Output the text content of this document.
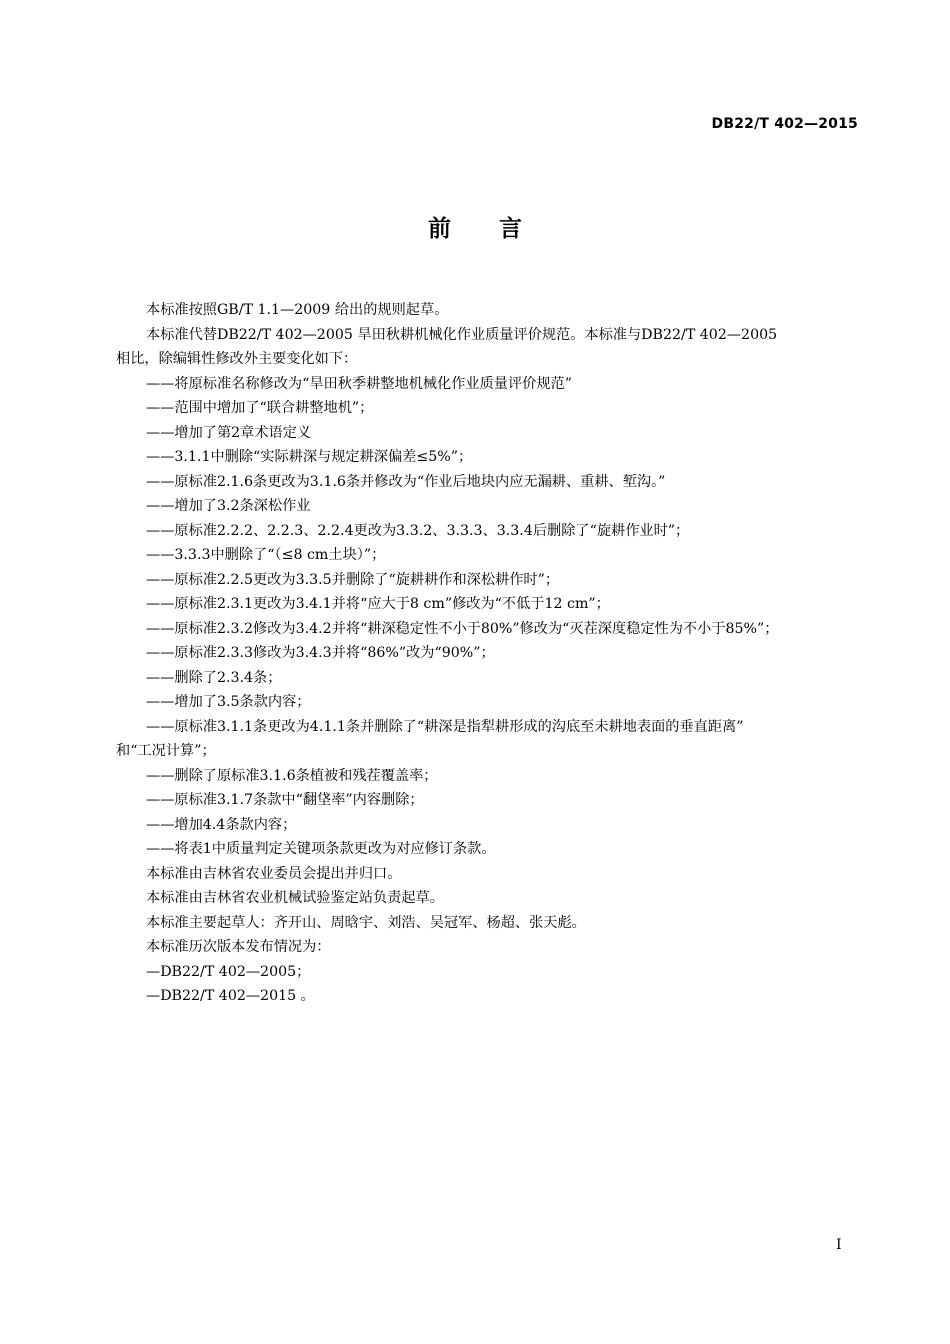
DB22/T 402—2015
前 言
本标准按照GB/T 1.1—2009 给出的规则起草。
本标准代替DB22/T 402—2005 旱田秋耕机械化作业质量评价规范。本标准与DB22/T 402—2005
相比，除编辑性修改外主要变化如下：
——将原标准名称修改为“旱田秋季耕整地机械化作业质量评价规范”
——范围中增加了“联合耕整地机”；
——增加了第2章术语定义
——3.1.1中删除“实际耕深与规定耕深偏差≤5%”；
——原标准2.1.6条更改为3.1.6条并修改为“作业后地块内应无漏耕、重耕、堑沟。”
——增加了3.2条深松作业
——原标准2.2.2、2.2.3、2.2.4更改为3.3.2、3.3.3、3.3.4后删除了“旋耕作业时”；
——3.3.3中删除了“（≤8 cm土块）”；
——原标准2.2.5更改为3.3.5并删除了“旋耕耕作和深松耕作时”；
——原标准2.3.1更改为3.4.1并将“应大于8 cm”修改为“不低于12 cm”；
——原标准2.3.2修改为3.4.2并将“耕深稳定性不小于80%”修改为“灭茬深度稳定性为不小于85%”；
——原标准2.3.3修改为3.4.3并将“86%”改为“90%”；
——删除了2.3.4条；
——增加了3.5条款内容；
——原标准3.1.1条更改为4.1.1条并删除了“耕深是指犁耕形成的沟底至未耕地表面的垂直距离”
和“工况计算”；
——删除了原标准3.1.6条植被和残茬覆盖率；
——原标准3.1.7条款中“翻垡率”内容删除；
——增加4.4条款内容；
——将表1中质量判定关键项条款更改为对应修订条款。
本标准由吉林省农业委员会提出并归口。
本标准由吉林省农业机械试验鉴定站负责起草。
本标准主要起草人：齐开山、周晗宇、刘浩、吴冠军、杨超、张天彪。
本标准历次版本发布情况为：
—DB22/T 402—2005；
—DB22/T 402—2015 。
I
